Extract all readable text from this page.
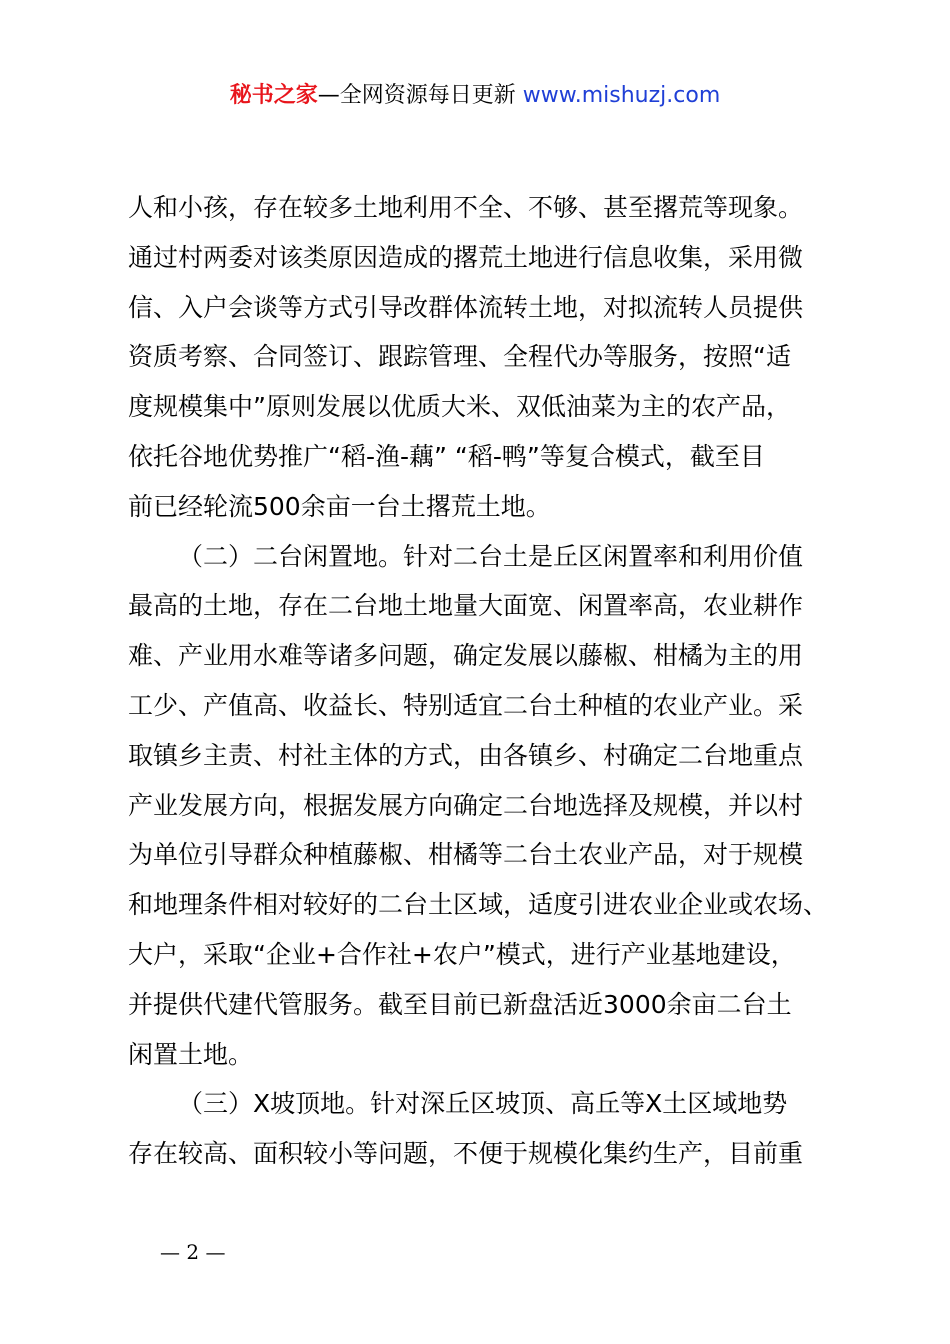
秘书之家—全网资源每日更新 www.mishuzj.com
人和小孩，存在较多土地利用不全、不够、甚至撂荒等现象。
通过村两委对该类原因造成的撂荒土地进行信息收集，采用微
信、入户会谈等方式引导改群体流转土地，对拟流转人员提供
资质考察、合同签订、跟踪管理、全程代办等服务，按照“适
度规模集中”原则发展以优质大米、双低油菜为主的农产品，
依托谷地优势推广“稻-渔-藕” “稻-鸭”等复合模式，截至目
前已经轮流500余亩一台土撂荒土地。
（二）二台闲置地。针对二台土是丘区闲置率和利用价值
最高的土地，存在二台地土地量大面宽、闲置率高，农业耕作
难、产业用水难等诸多问题，确定发展以藤椒、柑橘为主的用
工少、产值高、收益长、特别适宜二台土种植的农业产业。采
取镇乡主责、村社主体的方式，由各镇乡、村确定二台地重点
产业发展方向，根据发展方向确定二台地选择及规模，并以村
为单位引导群众种植藤椒、柑橘等二台土农业产品，对于规模
和地理条件相对较好的二台土区域，适度引进农业企业或农场、
大户，采取“企业+合作社+农户”模式，进行产业基地建设，
并提供代建代管服务。截至目前已新盘活近3000余亩二台土
闲置土地。
（三）X坡顶地。针对深丘区坡顶、高丘等X土区域地势
存在较高、面积较小等问题，不便于规模化集约生产，目前重
— 2 —
